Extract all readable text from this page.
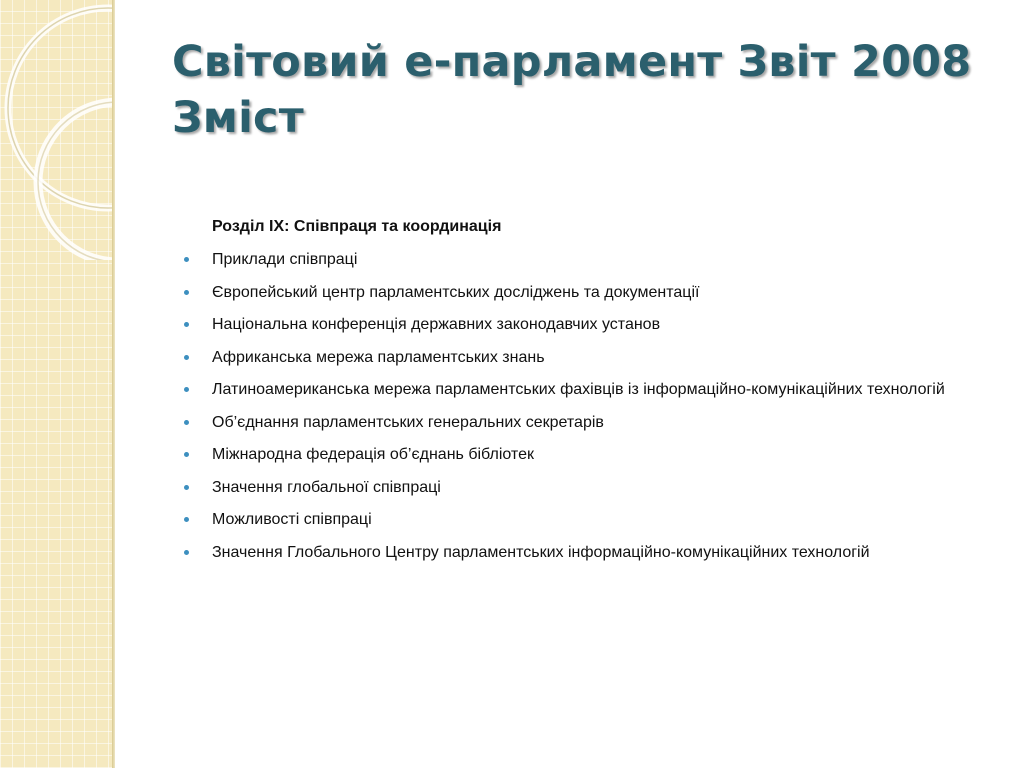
Світовий е-парламент Звіт 2008
Зміст
Розділ IX: Співпраця та координація
Приклади співпраці
Європейський центр парламентських досліджень та документації
Національна конференція державних законодавчих установ
Африканська мережа парламентських знань
Латиноамериканська мережа парламентських фахівців із інформаційно-комунікаційних технологій
Об’єднання парламентських генеральних секретарів
Міжнародна федерація об’єднань бібліотек
Значення глобальної співпраці
Можливості співпраці
Значення Глобального Центру парламентських інформаційно-комунікаційних технологій
